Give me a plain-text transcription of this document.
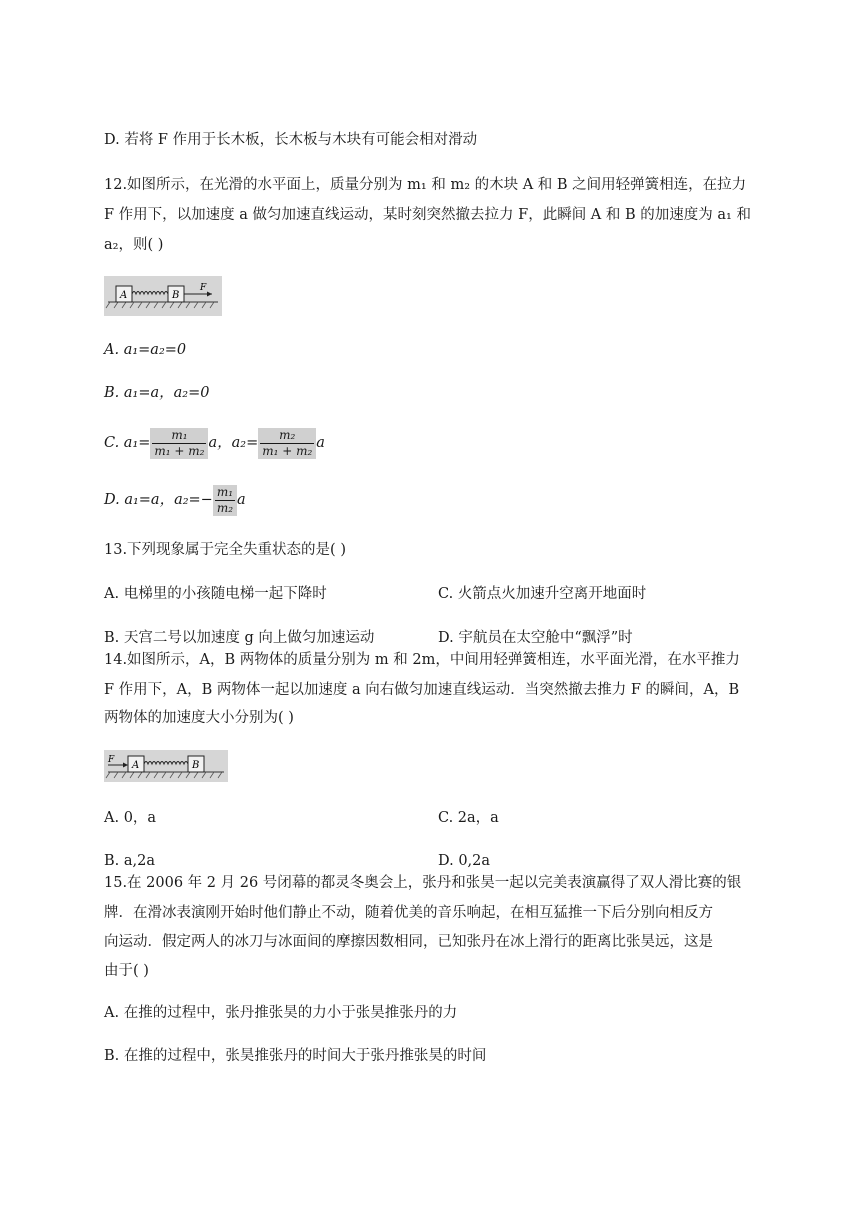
D. 若将 F 作用于长木板，长木板与木块有可能会相对滑动
12.如图所示，在光滑的水平面上，质量分别为 m₁ 和 m₂ 的木块 A 和 B 之间用轻弹簧相连，在拉力
F 作用下，以加速度 a 做匀加速直线运动，某时刻突然撤去拉力 F，此瞬间 A 和 B 的加速度为 a₁ 和
a₂，则( )
A	B
F
A. a₁=a₂=0
B. a₁=a，a₂=0
C. $a_1= \frac{\text{m₁}}{\text{m₁ + m₂}}$ a，$a_2= \frac{\text{m₂}}{\text{m₁ + m₂}}$ a
D. a₁=a，$a_2=- \frac{\text{m₁}}{\text{m₂}}$ a
13.下列现象属于完全失重状态的是( )
A. 电梯里的小孩随电梯一起下降时	C. 火箭点火加速升空离开地面时
B. 天宫二号以加速度 g 向上做匀加速运动	D. 宇航员在太空舱中“飘浮”时
14.如图所示，A，B 两物体的质量分别为 m 和 2m，中间用轻弹簧相连，水平面光滑，在水平推力
F 作用下，A，B 两物体一起以加速度 a 向右做匀加速直线运动．当突然撤去推力 F 的瞬间，A，B
两物体的加速度大小分别为( )
F A	B
A. 0，a	C. 2a，a
B. a,2a	D. 0,2a
15.在 2006 年 2 月 26 号闭幕的都灵冬奥会上，张丹和张昊一起以完美表演赢得了双人滑比赛的银
牌．在滑冰表演刚开始时他们静止不动，随着优美的音乐响起，在相互猛推一下后分别向相反方
向运动．假定两人的冰刀与冰面间的摩擦因数相同，已知张丹在冰上滑行的距离比张昊远，这是
由于( )
A. 在推的过程中，张丹推张昊的力小于张昊推张丹的力
B. 在推的过程中，张昊推张丹的时间大于张丹推张昊的时间
